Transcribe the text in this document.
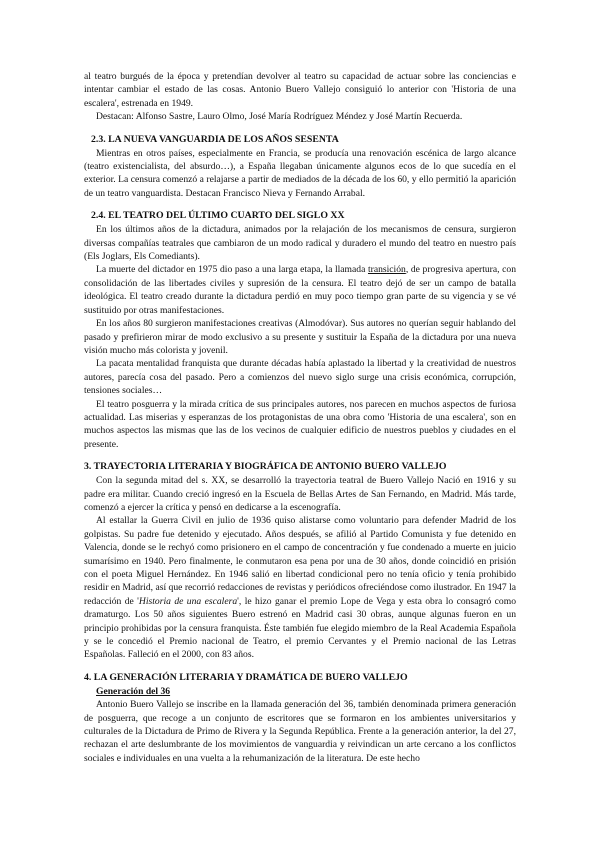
al teatro burgués de la época y pretendían devolver al teatro su capacidad de actuar sobre las conciencias e intentar cambiar el estado de las cosas. Antonio Buero Vallejo consiguió lo anterior con 'Historia de una escalera', estrenada en 1949.

Destacan: Alfonso Sastre, Lauro Olmo, José María Rodríguez Méndez y José Martín Recuerda.

2.3. LA NUEVA VANGUARDIA DE LOS AÑOS SESENTA

Mientras en otros países, especialmente en Francia, se producía una renovación escénica de largo alcance (teatro existencialista, del absurdo…), a España llegaban únicamente algunos ecos de lo que sucedía en el exterior. La censura comenzó a relajarse a partir de mediados de la década de los 60, y ello permitió la aparición de un teatro vanguardista. Destacan Francisco Nieva y Fernando Arrabal.

2.4. EL TEATRO DEL ÚLTIMO CUARTO DEL SIGLO XX

En los últimos años de la dictadura, animados por la relajación de los mecanismos de censura, surgieron diversas compañías teatrales que cambiaron de un modo radical y duradero el mundo del teatro en nuestro país (Els Joglars, Els Comediants).

La muerte del dictador en 1975 dio paso a una larga etapa, la llamada transición, de progresiva apertura, con consolidación de las libertades civiles y supresión de la censura. El teatro dejó de ser un campo de batalla ideológica. El teatro creado durante la dictadura perdió en muy poco tiempo gran parte de su vigencia y se vé sustituido por otras manifestaciones.

En los años 80 surgieron manifestaciones creativas (Almodóvar). Sus autores no querían seguir hablando del pasado y prefirieron mirar de modo exclusivo a su presente y sustituir la España de la dictadura por una nueva visión mucho más colorista y jovenil.

La pacata mentalidad franquista que durante décadas había aplastado la libertad y la creatividad de nuestros autores, parecía cosa del pasado. Pero a comienzos del nuevo siglo surge una crisis económica, corrupción, tensiones sociales…

El teatro posguerra y la mirada crítica de sus principales autores, nos parecen en muchos aspectos de furiosa actualidad. Las miserias y esperanzas de los protagonistas de una obra como 'Historia de una escalera', son en muchos aspectos las mismas que las de los vecinos de cualquier edificio de nuestros pueblos y ciudades en el presente.

3. TRAYECTORIA LITERARIA Y BIOGRÁFICA DE ANTONIO BUERO VALLEJO

Con la segunda mitad del s. XX, se desarrolló la trayectoria teatral de Buero Vallejo Nació en 1916 y su padre era militar. Cuando creció ingresó en la Escuela de Bellas Artes de San Fernando, en Madrid. Más tarde, comenzó a ejercer la crítica y pensó en dedicarse a la escenografía.

Al estallar la Guerra Civil en julio de 1936 quiso alistarse como voluntario para defender Madrid de los golpistas. Su padre fue detenido y ejecutado. Años después, se afilió al Partido Comunista y fue detenido en Valencia, donde se le rechyó como prisionero en el campo de concentración y fue condenado a muerte en juicio sumarísimo en 1940. Pero finalmente, le conmutaron esa pena por una de 30 años, donde coincidió en prisión con el poeta Miguel Hernández. En 1946 salió en libertad condicional pero no tenía oficio y tenía prohibido residir en Madrid, así que recorrió redacciones de revistas y periódicos ofreciéndose como ilustrador. En 1947 la redacción de 'Historia de una escalera', le hizo ganar el premio Lope de Vega y esta obra lo consagró como dramaturgo. Los 50 años siguientes Buero estrenó en Madrid casi 30 obras, aunque algunas fueron en un principio prohibidas por la censura franquista. Éste también fue elegido miembro de la Real Academia Española y se le concedió el Premio nacional de Teatro, el premio Cervantes y el Premio nacional de las Letras Españolas. Falleció en el 2000, con 83 años.

4. LA GENERACIÓN LITERARIA Y DRAMÁTICA DE BUERO VALLEJO

Generación del 36

Antonio Buero Vallejo se inscribe en la llamada generación del 36, también denominada primera generación de posguerra, que recoge a un conjunto de escritores que se formaron en los ambientes universitarios y culturales de la Dictadura de Primo de Rivera y la Segunda República. Frente a la generación anterior, la del 27, rechazan el arte deslumbrante de los movimientos de vanguardia y reivindican un arte cercano a los conflictos sociales e individuales en una vuelta a la rehumanización de la literatura. De este hecho
